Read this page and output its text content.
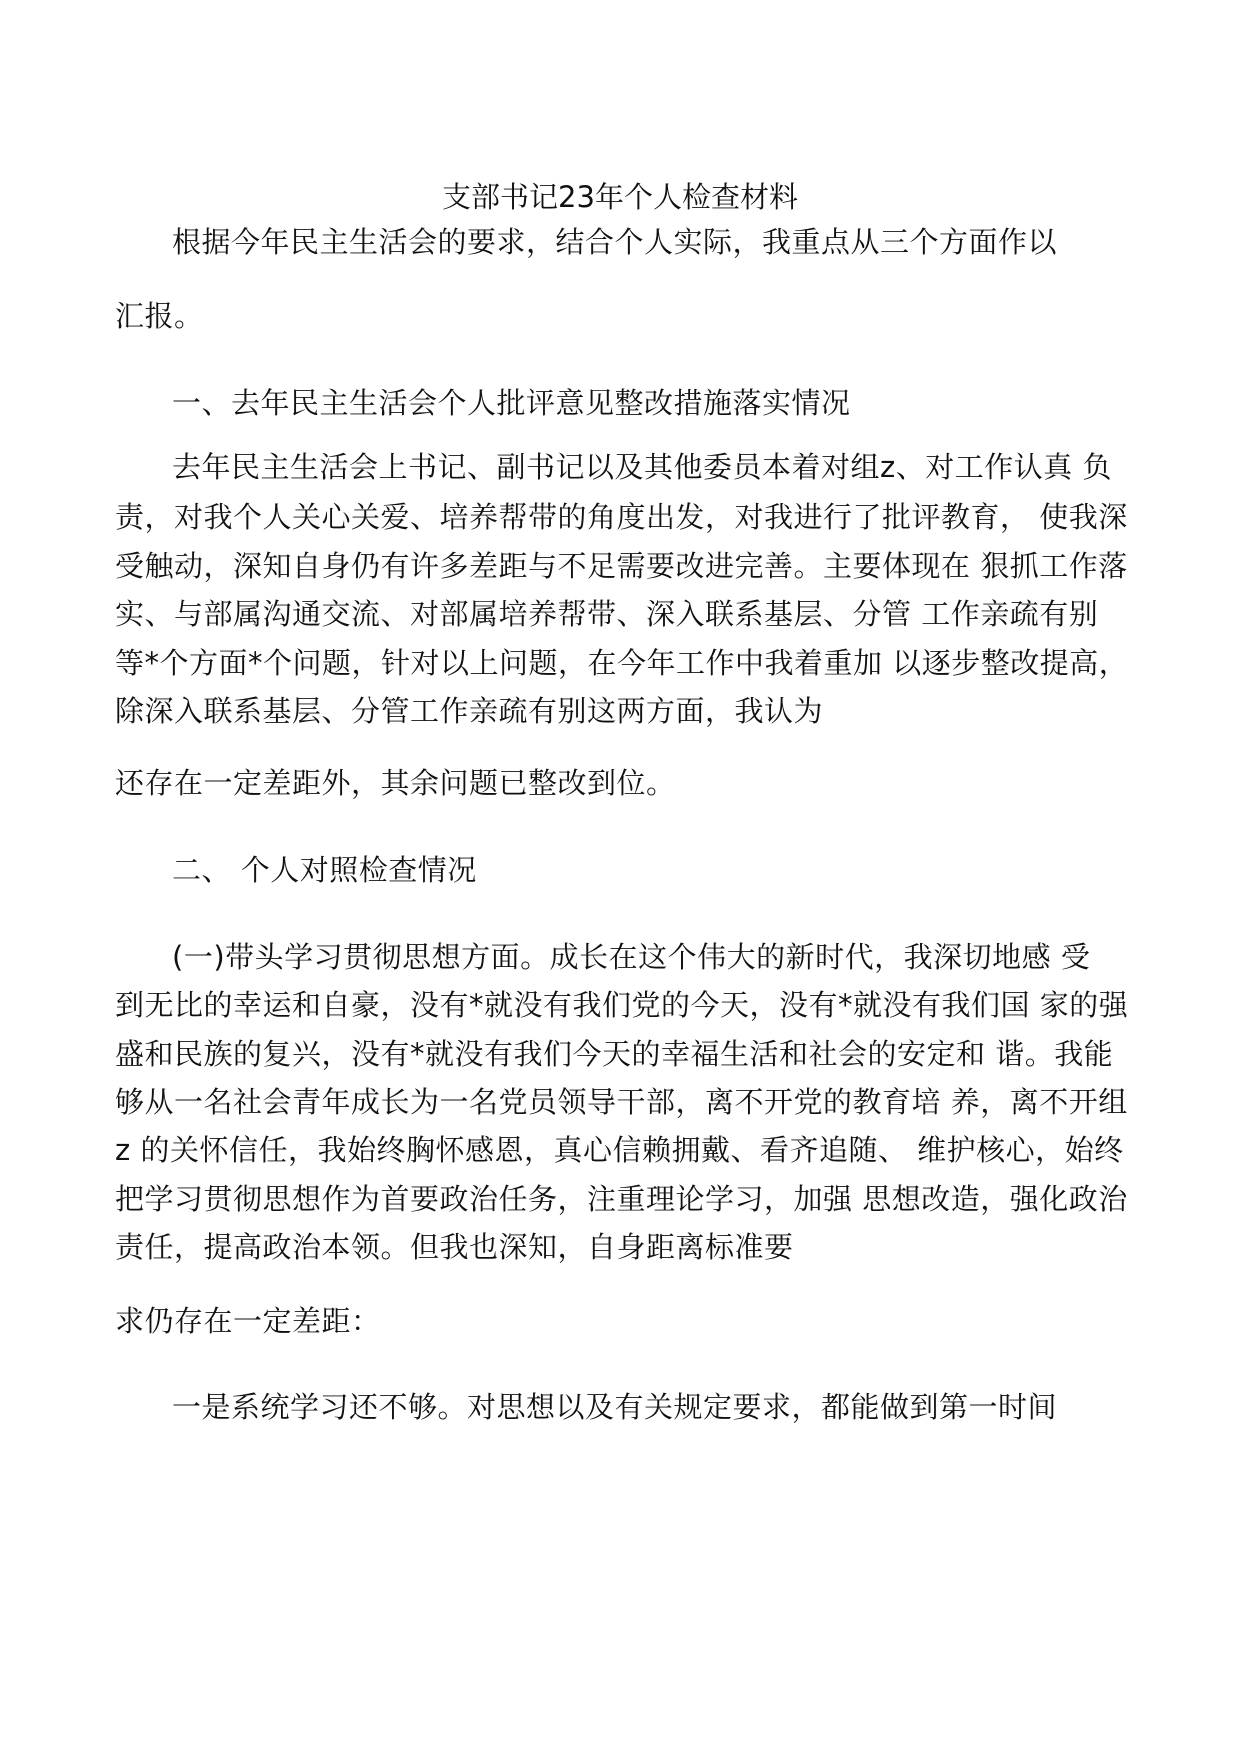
支部书记23年个人检查材料
根据今年民主生活会的要求，结合个人实际，我重点从三个方面作以
汇报。
一、去年民主生活会个人批评意见整改措施落实情况
去年民主生活会上书记、副书记以及其他委员本着对组z、对工作认真 负
责，对我个人关心关爱、培养帮带的角度出发，对我进行了批评教育， 使我深
受触动，深知自身仍有许多差距与不足需要改进完善。主要体现在 狠抓工作落
实、与部属沟通交流、对部属培养帮带、深入联系基层、分管 工作亲疏有别
等*个方面*个问题，针对以上问题，在今年工作中我着重加 以逐步整改提高，
除深入联系基层、分管工作亲疏有别这两方面，我认为
还存在一定差距外，其余问题已整改到位。
二、 个人对照检查情况
(一)带头学习贯彻思想方面。成长在这个伟大的新时代，我深切地感 受
到无比的幸运和自豪，没有*就没有我们党的今天，没有*就没有我们国 家的强
盛和民族的复兴，没有*就没有我们今天的幸福生活和社会的安定和 谐。我能
够从一名社会青年成长为一名党员领导干部，离不开党的教育培 养，离不开组
z 的关怀信任，我始终胸怀感恩，真心信赖拥戴、看齐追随、 维护核心，始终
把学习贯彻思想作为首要政治任务，注重理论学习，加强 思想改造，强化政治
责任，提高政治本领。但我也深知，自身距离标准要
求仍存在一定差距：
一是系统学习还不够。对思想以及有关规定要求，都能做到第一时间
